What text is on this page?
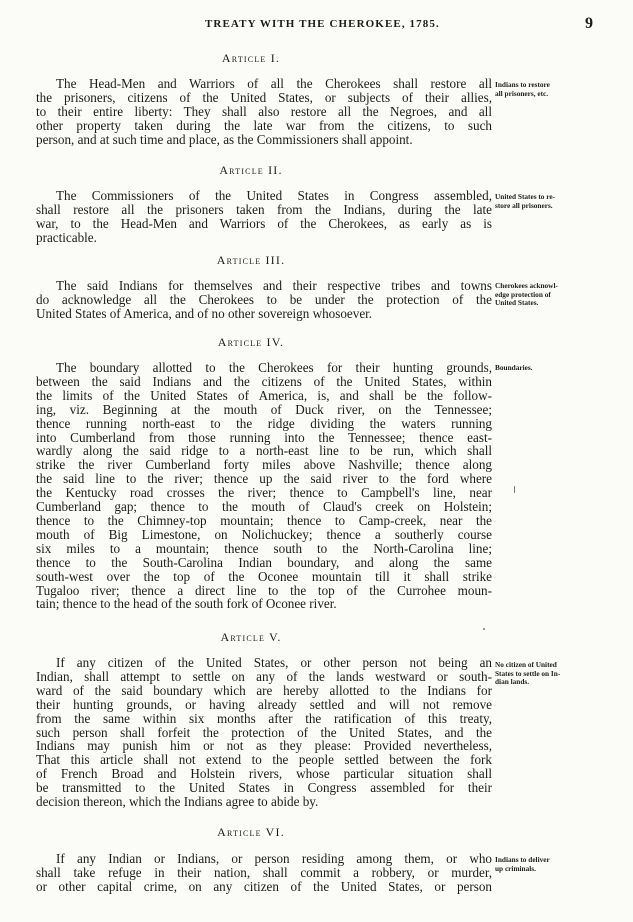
TREATY WITH THE CHEROKEE, 1785.	9
Article I.
The Head-Men and Warriors of all the Cherokees shall restore all
the prisoners, citizens of the United States, or subjects of their allies,
to their entire liberty: They shall also restore all the Negroes, and all
other property taken during the late war from the citizens, to such
person, and at such time and place, as the Commissioners shall appoint.
Indians to restore
all prisoners, etc.
Article II.
The Commissioners of the United States in Congress assembled,
shall restore all the prisoners taken from the Indians, during the late
war, to the Head-Men and Warriors of the Cherokees, as early as is
practicable.
United States to re-
store all prisoners.
Article III.
The said Indians for themselves and their respective tribes and towns
do acknowledge all the Cherokees to be under the protection of the
United States of America, and of no other sovereign whosoever.
Cherokees acknowl-
edge protection of
United States.
Article IV.
The boundary allotted to the Cherokees for their hunting grounds,
between the said Indians and the citizens of the United States, within
the limits of the United States of America, is, and shall be the follow-
ing, viz. Beginning at the mouth of Duck river, on the Tennessee;
thence running north-east to the ridge dividing the waters running
into Cumberland from those running into the Tennessee; thence east-
wardly along the said ridge to a north-east line to be run, which shall
strike the river Cumberland forty miles above Nashville; thence along
the said line to the river; thence up the said river to the ford where
the Kentucky road crosses the river; thence to Campbell's line, near
Cumberland gap; thence to the mouth of Claud's creek on Holstein;
thence to the Chimney-top mountain; thence to Camp-creek, near the
mouth of Big Limestone, on Nolichuckey; thence a southerly course
six miles to a mountain; thence south to the North-Carolina line;
thence to the South-Carolina Indian boundary, and along the same
south-west over the top of the Oconee mountain till it shall strike
Tugaloo river; thence a direct line to the top of the Currohee moun-
tain; thence to the head of the south fork of Oconee river.
Boundaries.
Article V.
If any citizen of the United States, or other person not being an
Indian, shall attempt to settle on any of the lands westward or south-
ward of the said boundary which are hereby allotted to the Indians for
their hunting grounds, or having already settled and will not remove
from the same within six months after the ratification of this treaty,
such person shall forfeit the protection of the United States, and the
Indians may punish him or not as they please: Provided nevertheless,
That this article shall not extend to the people settled between the fork
of French Broad and Holstein rivers, whose particular situation shall
be transmitted to the United States in Congress assembled for their
decision thereon, which the Indians agree to abide by.
No citizen of United
States to settle on In-
dian lands.
Article VI.
If any Indian or Indians, or person residing among them, or who
shall take refuge in their nation, shall commit a robbery, or murder,
or other capital crime, on any citizen of the United States, or person
Indians to deliver
up criminals.
